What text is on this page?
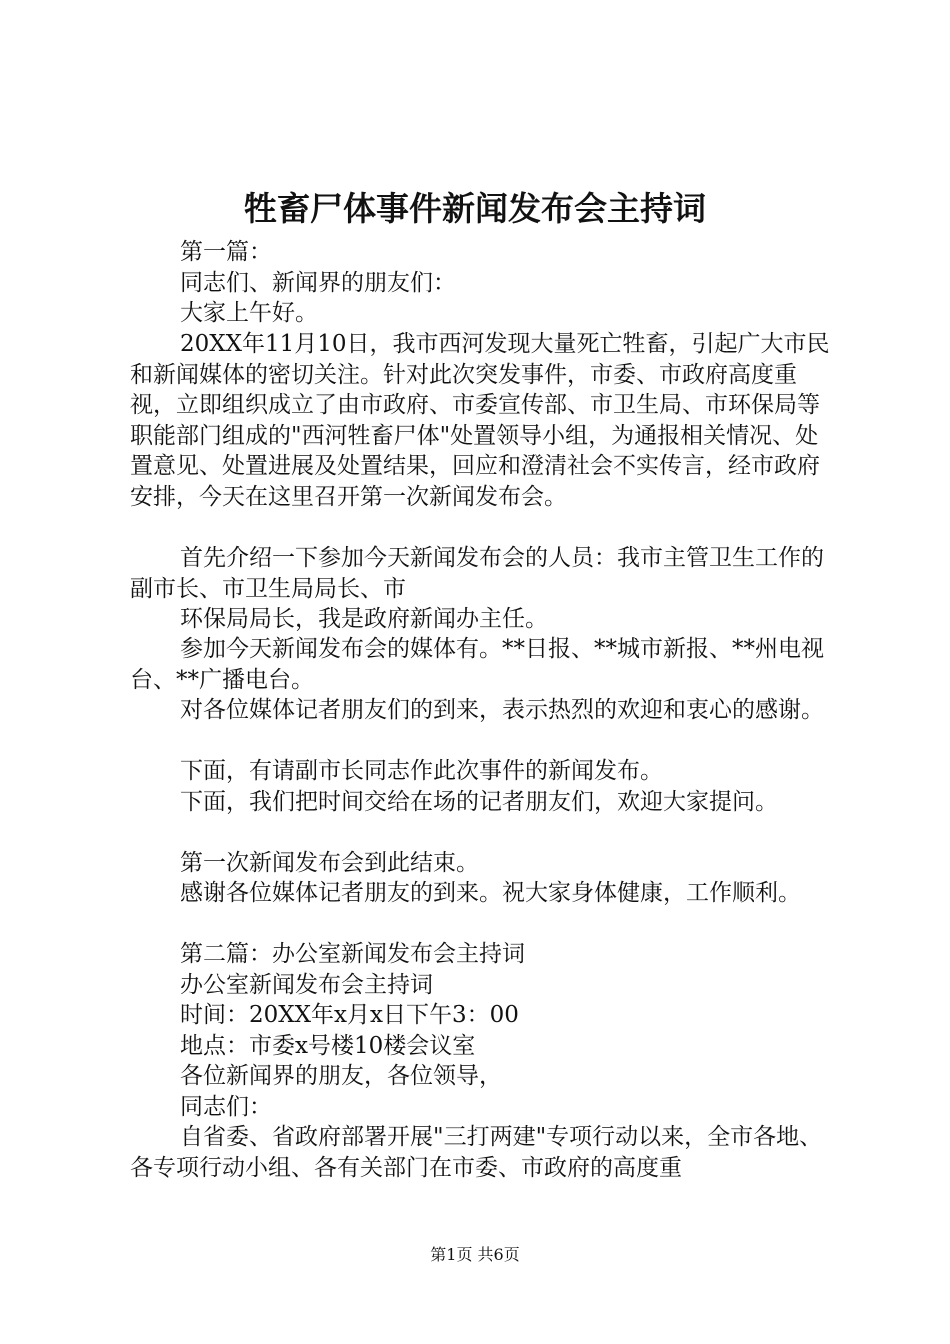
牲畜尸体事件新闻发布会主持词

第一篇：

同志们、新闻界的朋友们：

大家上午好。

20XX年11月10日，我市西河发现大量死亡牲畜，引起广大市民和新闻媒体的密切关注。针对此次突发事件，市委、市政府高度重视，立即组织成立了由市政府、市委宣传部、市卫生局、市环保局等职能部门组成的"西河牲畜尸体"处置领导小组，为通报相关情况、处置意见、处置进展及处置结果，回应和澄清社会不实传言，经市政府安排，今天在这里召开第一次新闻发布会。

首先介绍一下参加今天新闻发布会的人员：我市主管卫生工作的副市长、市卫生局局长、市

环保局局长，我是政府新闻办主任。

参加今天新闻发布会的媒体有。**日报、**城市新报、**州电视台、**广播电台。

对各位媒体记者朋友们的到来，表示热烈的欢迎和衷心的感谢。

下面，有请副市长同志作此次事件的新闻发布。

下面，我们把时间交给在场的记者朋友们，欢迎大家提问。

第一次新闻发布会到此结束。

感谢各位媒体记者朋友的到来。祝大家身体健康，工作顺利。

第二篇：办公室新闻发布会主持词

办公室新闻发布会主持词

时间：20XX年x月x日下午3：00

地点：市委x号楼10楼会议室

各位新闻界的朋友，各位领导，

同志们：

自省委、省政府部署开展"三打两建"专项行动以来，全市各地、各专项行动小组、各有关部门在市委、市政府的高度重

第1页 共6页
